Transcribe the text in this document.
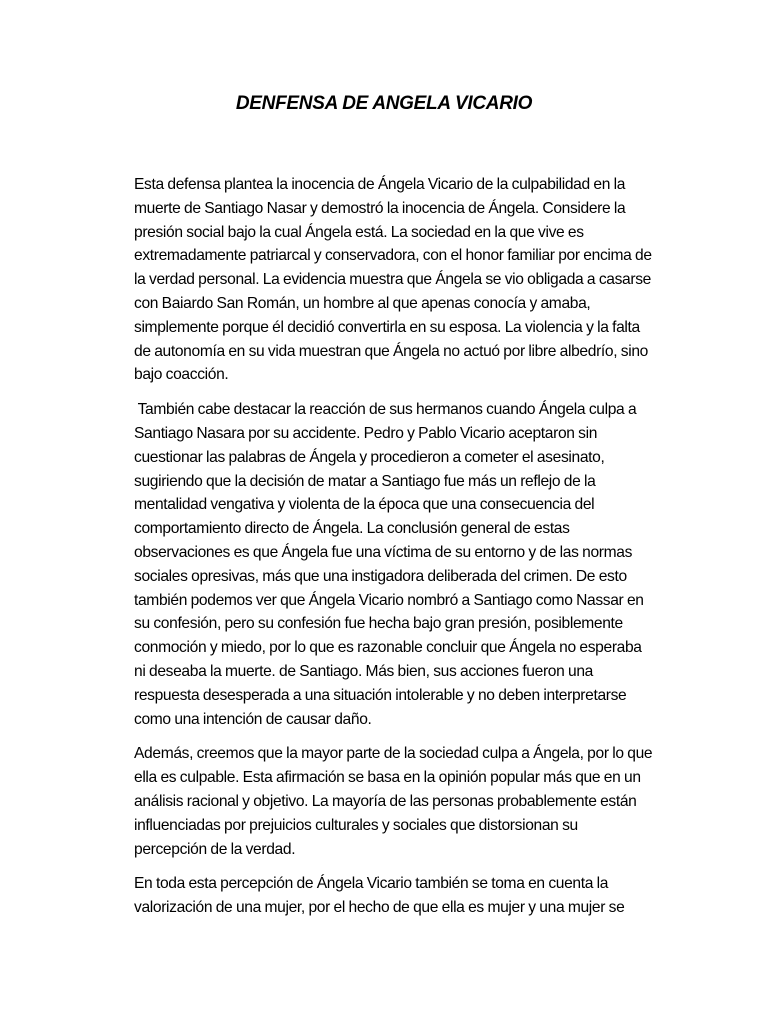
DENFENSA DE ANGELA VICARIO

Esta defensa plantea la inocencia de Ángela Vicario de la culpabilidad en la muerte de Santiago Nasar y demostró la inocencia de Ángela. Considere la presión social bajo la cual Ángela está. La sociedad en la que vive es extremadamente patriarcal y conservadora, con el honor familiar por encima de la verdad personal. La evidencia muestra que Ángela se vio obligada a casarse con Baiardo San Román, un hombre al que apenas conocía y amaba, simplemente porque él decidió convertirla en su esposa. La violencia y la falta de autonomía en su vida muestran que Ángela no actuó por libre albedrío, sino bajo coacción.

También cabe destacar la reacción de sus hermanos cuando Ángela culpa a Santiago Nasara por su accidente. Pedro y Pablo Vicario aceptaron sin cuestionar las palabras de Ángela y procedieron a cometer el asesinato, sugiriendo que la decisión de matar a Santiago fue más un reflejo de la mentalidad vengativa y violenta de la época que una consecuencia del comportamiento directo de Ángela. La conclusión general de estas observaciones es que Ángela fue una víctima de su entorno y de las normas sociales opresivas, más que una instigadora deliberada del crimen. De esto también podemos ver que Ángela Vicario nombró a Santiago como Nassar en su confesión, pero su confesión fue hecha bajo gran presión, posiblemente conmoción y miedo, por lo que es razonable concluir que Ángela no esperaba ni deseaba la muerte. de Santiago. Más bien, sus acciones fueron una respuesta desesperada a una situación intolerable y no deben interpretarse como una intención de causar daño.

Además, creemos que la mayor parte de la sociedad culpa a Ángela, por lo que ella es culpable. Esta afirmación se basa en la opinión popular más que en un análisis racional y objetivo. La mayoría de las personas probablemente están influenciadas por prejuicios culturales y sociales que distorsionan su percepción de la verdad.

En toda esta percepción de Ángela Vicario también se toma en cuenta la valorización de una mujer, por el hecho de que ella es mujer y una mujer se
